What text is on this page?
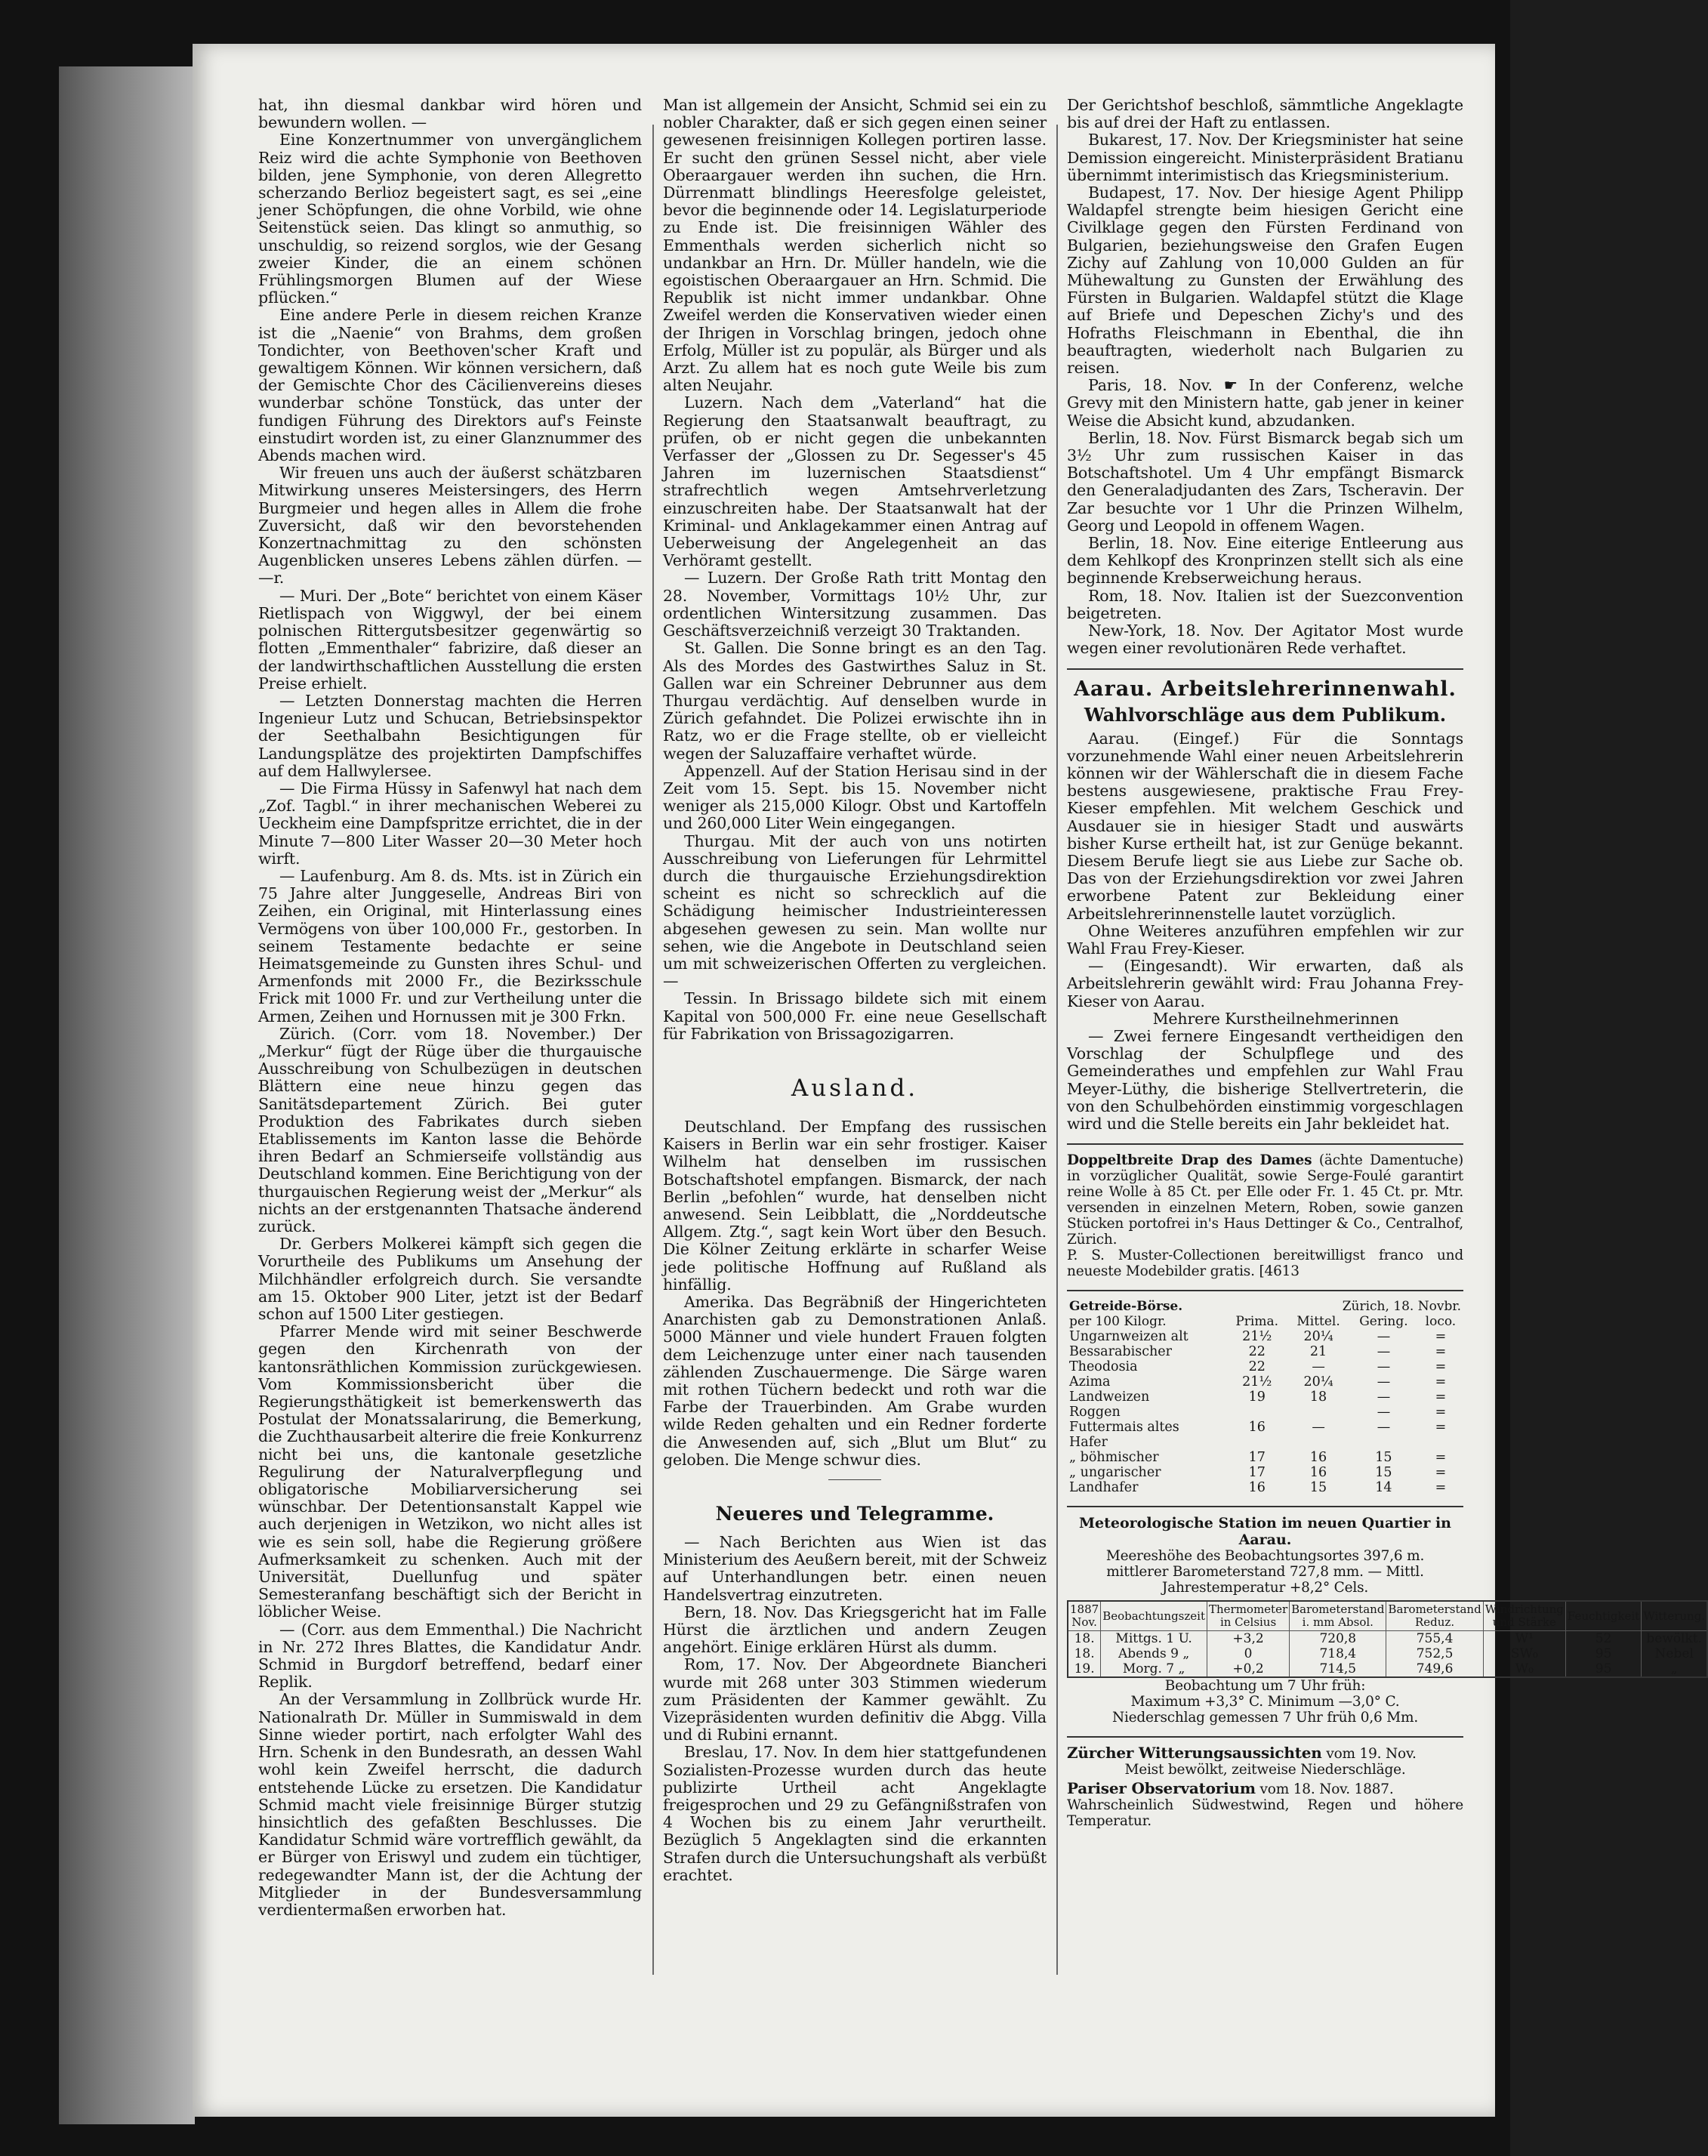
hat, ihn diesmal dankbar wird hören und bewundern wollen. —

Eine Konzertnummer von unvergänglichem Reiz wird die achte Symphonie von Beethoven bilden, jene Symphonie, von deren Allegretto scherzando Berlioz begeistert sagt, es sei „eine jener Schöpfungen, die ohne Vorbild, wie ohne Seitenstück seien. Das klingt so anmuthig, so unschuldig, so reizend sorglos, wie der Gesang zweier Kinder, die an einem schönen Frühlingsmorgen Blumen auf der Wiese pflücken.“

Eine andere Perle in diesem reichen Kranze ist die „Naenie“ von Brahms, dem großen Tondichter, von Beethoven'scher Kraft und gewaltigem Können. Wir können versichern, daß der Gemischte Chor des Cäcilienvereins dieses wunderbar schöne Tonstück, das unter der fundigen Führung des Direktors auf's Feinste einstudirt worden ist, zu einer Glanznummer des Abends machen wird.

Wir freuen uns auch der äußerst schätzbaren Mitwirkung unseres Meistersingers, des Herrn Burgmeier und hegen alles in Allem die frohe Zuversicht, daß wir den bevorstehenden Konzertnachmittag zu den schönsten Augenblicken unseres Lebens zählen dürfen. — —r.

— Muri. Der „Bote“ berichtet von einem Käser Rietlispach von Wiggwyl, der bei einem polnischen Rittergutsbesitzer gegenwärtig so flotten „Emmenthaler“ fabrizire, daß dieser an der landwirthschaftlichen Ausstellung die ersten Preise erhielt.

— Letzten Donnerstag machten die Herren Ingenieur Lutz und Schucan, Betriebsinspektor der Seethalbahn Besichtigungen für Landungsplätze des projektirten Dampfschiffes auf dem Hallwylersee.

— Die Firma Hüssy in Safenwyl hat nach dem „Zof. Tagbl.“ in ihrer mechanischen Weberei zu Ueckheim eine Dampfspritze errichtet, die in der Minute 7—800 Liter Wasser 20—30 Meter hoch wirft.

— Laufenburg. Am 8. ds. Mts. ist in Zürich ein 75 Jahre alter Junggeselle, Andreas Biri von Zeihen, ein Original, mit Hinterlassung eines Vermögens von über 100,000 Fr., gestorben. In seinem Testamente bedachte er seine Heimatsgemeinde zu Gunsten ihres Schul- und Armenfonds mit 2000 Fr., die Bezirksschule Frick mit 1000 Fr. und zur Vertheilung unter die Armen, Zeihen und Hornussen mit je 300 Frkn.

Zürich. (Corr. vom 18. November.) Der „Merkur“ fügt der Rüge über die thurgauische Ausschreibung von Schulbezügen in deutschen Blättern eine neue hinzu gegen das Sanitätsdepartement Zürich. Bei guter Produktion des Fabrikates durch sieben Etablissements im Kanton lasse die Behörde ihren Bedarf an Schmierseife vollständig aus Deutschland kommen. Eine Berichtigung von der thurgauischen Regierung weist der „Merkur“ als nichts an der erstgenannten Thatsache änderend zurück.

Dr. Gerbers Molkerei kämpft sich gegen die Vorurtheile des Publikums um Ansehung der Milchhändler erfolgreich durch. Sie versandte am 15. Oktober 900 Liter, jetzt ist der Bedarf schon auf 1500 Liter gestiegen.

Pfarrer Mende wird mit seiner Beschwerde gegen den Kirchenrath von der kantonsräthlichen Kommission zurückgewiesen. Vom Kommissionsbericht über die Regierungsthätigkeit ist bemerkenswerth das Postulat der Monatssalarirung, die Bemerkung, die Zuchthausarbeit alterire die freie Konkurrenz nicht bei uns, die kantonale gesetzliche Regulirung der Naturalverpflegung und obligatorische Mobiliarversicherung sei wünschbar. Der Detentionsanstalt Kappel wie auch derjenigen in Wetzikon, wo nicht alles ist wie es sein soll, habe die Regierung größere Aufmerksamkeit zu schenken. Auch mit der Universität, Duellunfug und später Semesteranfang beschäftigt sich der Bericht in löblicher Weise.

— (Corr. aus dem Emmenthal.) Die Nachricht in Nr. 272 Ihres Blattes, die Kandidatur Andr. Schmid in Burgdorf betreffend, bedarf einer Replik.

An der Versammlung in Zollbrück wurde Hr. Nationalrath Dr. Müller in Summiswald in dem Sinne wieder portirt, nach erfolgter Wahl des Hrn. Schenk in den Bundesrath, an dessen Wahl wohl kein Zweifel herrscht, die dadurch entstehende Lücke zu ersetzen. Die Kandidatur Schmid macht viele freisinnige Bürger stutzig hinsichtlich des gefaßten Beschlusses. Die Kandidatur Schmid wäre vortrefflich gewählt, da er Bürger von Eriswyl und zudem ein tüchtiger, redegewandter Mann ist, der die Achtung der Mitglieder in der Bundesversammlung verdientermaßen erworben hat.

Man ist allgemein der Ansicht, Schmid sei ein zu nobler Charakter, daß er sich gegen einen seiner gewesenen freisinnigen Kollegen portiren lasse. Er sucht den grünen Sessel nicht, aber viele Oberaargauer werden ihn suchen, die Hrn. Dürrenmatt blindlings Heeresfolge geleistet, bevor die beginnende oder 14. Legislaturperiode zu Ende ist. Die freisinnigen Wähler des Emmenthals werden sicherlich nicht so undankbar an Hrn. Dr. Müller handeln, wie die egoistischen Oberaargauer an Hrn. Schmid. Die Republik ist nicht immer undankbar. Ohne Zweifel werden die Konservativen wieder einen der Ihrigen in Vorschlag bringen, jedoch ohne Erfolg, Müller ist zu populär, als Bürger und als Arzt. Zu allem hat es noch gute Weile bis zum alten Neujahr.

Luzern. Nach dem „Vaterland“ hat die Regierung den Staatsanwalt beauftragt, zu prüfen, ob er nicht gegen die unbekannten Verfasser der „Glossen zu Dr. Segesser's 45 Jahren im luzernischen Staatsdienst“ strafrechtlich wegen Amtsehrverletzung einzuschreiten habe. Der Staatsanwalt hat der Kriminal- und Anklagekammer einen Antrag auf Ueberweisung der Angelegenheit an das Verhöramt gestellt.

— Luzern. Der Große Rath tritt Montag den 28. November, Vormittags 10½ Uhr, zur ordentlichen Wintersitzung zusammen. Das Geschäftsverzeichniß verzeigt 30 Traktanden.

St. Gallen. Die Sonne bringt es an den Tag. Als des Mordes des Gastwirthes Saluz in St. Gallen war ein Schreiner Debrunner aus dem Thurgau verdächtig. Auf denselben wurde in Zürich gefahndet. Die Polizei erwischte ihn in Ratz, wo er die Frage stellte, ob er vielleicht wegen der Saluzaffaire verhaftet würde.

Appenzell. Auf der Station Herisau sind in der Zeit vom 15. Sept. bis 15. November nicht weniger als 215,000 Kilogr. Obst und Kartoffeln und 260,000 Liter Wein eingegangen.

Thurgau. Mit der auch von uns notirten Ausschreibung von Lieferungen für Lehrmittel durch die thurgauische Erziehungsdirektion scheint es nicht so schrecklich auf die Schädigung heimischer Industrieinteressen abgesehen gewesen zu sein. Man wollte nur sehen, wie die Angebote in Deutschland seien um mit schweizerischen Offerten zu vergleichen. —

Tessin. In Brissago bildete sich mit einem Kapital von 500,000 Fr. eine neue Gesellschaft für Fabrikation von Brissagozigarren.

Ausland.

Deutschland. Der Empfang des russischen Kaisers in Berlin war ein sehr frostiger. Kaiser Wilhelm hat denselben im russischen Botschaftshotel empfangen. Bismarck, der nach Berlin „befohlen“ wurde, hat denselben nicht anwesend. Sein Leibblatt, die „Norddeutsche Allgem. Ztg.“, sagt kein Wort über den Besuch. Die Kölner Zeitung erklärte in scharfer Weise jede politische Hoffnung auf Rußland als hinfällig.

Amerika. Das Begräbniß der Hingerichteten Anarchisten gab zu Demonstrationen Anlaß. 5000 Männer und viele hundert Frauen folgten dem Leichenzuge unter einer nach tausenden zählenden Zuschauermenge. Die Särge waren mit rothen Tüchern bedeckt und roth war die Farbe der Trauerbinden. Am Grabe wurden wilde Reden gehalten und ein Redner forderte die Anwesenden auf, sich „Blut um Blut“ zu geloben. Die Menge schwur dies.

Neueres und Telegramme.

— Nach Berichten aus Wien ist das Ministerium des Aeußern bereit, mit der Schweiz auf Unterhandlungen betr. einen neuen Handelsvertrag einzutreten.

Bern, 18. Nov. Das Kriegsgericht hat im Falle Hürst die ärztlichen und andern Zeugen angehört. Einige erklären Hürst als dumm.

Rom, 17. Nov. Der Abgeordnete Biancheri wurde mit 268 unter 303 Stimmen wiederum zum Präsidenten der Kammer gewählt. Zu Vizepräsidenten wurden definitiv die Abgg. Villa und di Rubini ernannt.

Breslau, 17. Nov. In dem hier stattgefundenen Sozialisten-Prozesse wurden durch das heute publizirte Urtheil acht Angeklagte freigesprochen und 29 zu Gefängnißstrafen von 4 Wochen bis zu einem Jahr verurtheilt. Bezüglich 5 Angeklagten sind die erkannten Strafen durch die Untersuchungshaft als verbüßt erachtet.

Der Gerichtshof beschloß, sämmtliche Angeklagte bis auf drei der Haft zu entlassen.

Bukarest, 17. Nov. Der Kriegsminister hat seine Demission eingereicht. Ministerpräsident Bratianu übernimmt interimistisch das Kriegsministerium.

Budapest, 17. Nov. Der hiesige Agent Philipp Waldapfel strengte beim hiesigen Gericht eine Civilklage gegen den Fürsten Ferdinand von Bulgarien, beziehungsweise den Grafen Eugen Zichy auf Zahlung von 10,000 Gulden an für Mühewaltung zu Gunsten der Erwählung des Fürsten in Bulgarien. Waldapfel stützt die Klage auf Briefe und Depeschen Zichy's und des Hofraths Fleischmann in Ebenthal, die ihn beauftragten, wiederholt nach Bulgarien zu reisen.

Paris, 18. Nov. ☛ In der Conferenz, welche Grevy mit den Ministern hatte, gab jener in keiner Weise die Absicht kund, abzudanken.

Berlin, 18. Nov. Fürst Bismarck begab sich um 3½ Uhr zum russischen Kaiser in das Botschaftshotel. Um 4 Uhr empfängt Bismarck den Generaladjudanten des Zars, Tscheravin. Der Zar besuchte vor 1 Uhr die Prinzen Wilhelm, Georg und Leopold in offenem Wagen.

Berlin, 18. Nov. Eine eiterige Entleerung aus dem Kehlkopf des Kronprinzen stellt sich als eine beginnende Krebserweichung heraus.

Rom, 18. Nov. Italien ist der Suezconvention beigetreten.

New-York, 18. Nov. Der Agitator Most wurde wegen einer revolutionären Rede verhaftet.

Aarau. Arbeitslehrerinnenwahl.
Wahlvorschläge aus dem Publikum.

Aarau. (Eingef.) Für die Sonntags vorzunehmende Wahl einer neuen Arbeitslehrerin können wir der Wählerschaft die in diesem Fache bestens ausgewiesene, praktische Frau Frey-Kieser empfehlen. Mit welchem Geschick und Ausdauer sie in hiesiger Stadt und auswärts bisher Kurse ertheilt hat, ist zur Genüge bekannt. Diesem Berufe liegt sie aus Liebe zur Sache ob. Das von der Erziehungsdirektion vor zwei Jahren erworbene Patent zur Bekleidung einer Arbeitslehrerinnenstelle lautet vorzüglich.

Ohne Weiteres anzuführen empfehlen wir zur Wahl Frau Frey-Kieser.

— (Eingesandt). Wir erwarten, daß als Arbeitslehrerin gewählt wird: Frau Johanna Frey-Kieser von Aarau.

Mehrere Kurstheilnehmerinnen

— Zwei fernere Eingesandt vertheidigen den Vorschlag der Schulpflege und des Gemeinderathes und empfehlen zur Wahl Frau Meyer-Lüthy, die bisherige Stellvertreterin, die von den Schulbehörden einstimmig vorgeschlagen wird und die Stelle bereits ein Jahr bekleidet hat.

Doppeltbreite Drap des Dames (ächte Damentuche) in vorzüglicher Qualität, sowie Serge-Foulé garantirt reine Wolle à 85 Ct. per Elle oder Fr. 1. 45 Ct. pr. Mtr. versenden in einzelnen Metern, Roben, sowie ganzen Stücken portofrei in's Haus Dettinger & Co., Centralhof, Zürich.

P. S. Muster-Collectionen bereitwilligst franco und neueste Modebilder gratis. [4613

Getreide-Börse.	Zürich, 18. Novbr.			
per 100 Kilogr.	Prima.	Mittel.	Gering.	loco.
Ungarnweizen alt	21½	20¼	—	=
Bessarabischer	22	21	—	=
Theodosia	22	—	—	=
Azima	21½	20¼	—	=
Landweizen	19	18	—	=
Roggen			—	=
Futtermais altes	16	—	—	=
Hafer				
„ böhmischer	17	16	15	=
„ ungarischer	17	16	15	=
Landhafer	16	15	14	=
Meteorologische Station im neuen Quartier in Aarau.

Meereshöhe des Beobachtungsortes 397,6 m.

mittlerer Barometerstand 727,8 mm. — Mittl. Jahrestemperatur +8,2° Cels.

1887 Nov.	Beobachtungszeit	Thermometer in Celsius	Barometerstand i. mm Absol.	Barometerstand Reduz.	Windrichtung und Stärke	Feuchtigkeit	Witterung.
18.	Mittgs. 1 U.	+3,2	720,8	755,4	W¹	52	bewölkt.
18.	Abends 9 „	0	718,4	752,5	SW₀	95	Nebel
19.	Morg. 7 „	+0,2	714,5	749,6	W₀	95	„

Beobachtung um 7 Uhr früh:

Maximum +3,3° C. Minimum —3,0° C.

Niederschlag gemessen 7 Uhr früh 0,6 Mm.

Zürcher Witterungsaussichten vom 19. Nov.

Meist bewölkt, zeitweise Niederschläge.

Pariser Observatorium vom 18. Nov. 1887.

Wahrscheinlich Südwestwind, Regen und höhere Temperatur.
